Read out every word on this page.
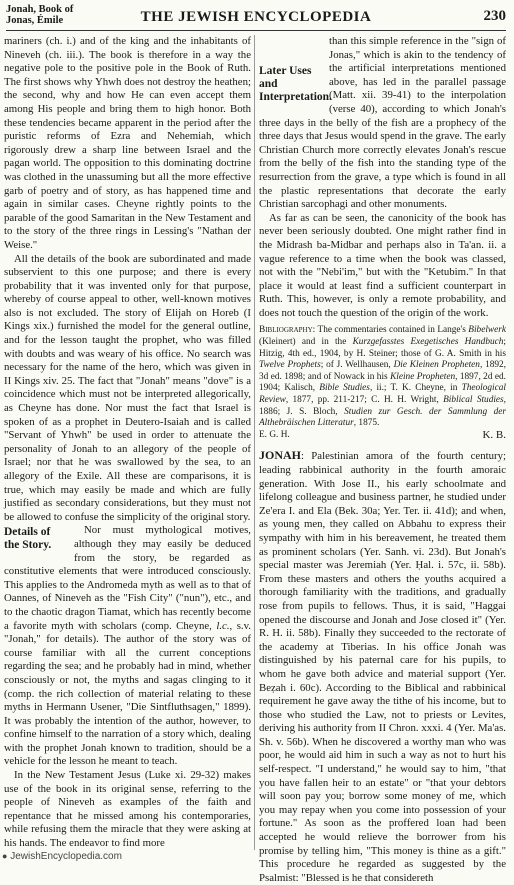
Jonah, Book of
Jonas, Émile	THE JEWISH ENCYCLOPEDIA	230

mariners (ch. i.) and of the king and the inhabitants of Nineveh (ch. iii.). The book is therefore in a way the negative pole to the positive pole in the Book of Ruth. The first shows why Yhwh does not destroy the heathen; the second, why and how He can even accept them among His people and bring them to high honor. Both these tendencies became apparent in the period after the puristic reforms of Ezra and Nehemiah, which rigorously drew a sharp line between Israel and the pagan world. The opposition to this dominating doctrine was clothed in the unassuming but all the more effective garb of poetry and of story, as has happened time and again in similar cases. Cheyne rightly points to the parable of the good Samaritan in the New Testament and to the story of the three rings in Lessing's "Nathan der Weise."

All the details of the book are subordinated and made subservient to this one purpose; and there is every probability that it was invented only for that purpose, whereby of course appeal to other, well-known motives also is not excluded. The story of Elijah on Horeb (I Kings xix.) furnished the model for the general outline, and for the lesson taught the prophet, who was filled with doubts and was weary of his office. No search was necessary for the name of the hero, which was given in II Kings xiv. 25. The fact that "Jonah" means "dove" is a coincidence which must not be interpreted allegorically, as Cheyne has done. Nor must the fact that Israel is spoken of as a prophet in Deutero-Isaiah and is called "Servant of Yhwh" be used in order to attenuate the personality of Jonah to an allegory of the people of Israel; nor that he was swallowed by the sea, to an allegory of the Exile. All these are comparisons, it is true, which may easily be made and which are fully justified as secondary considerations, but they must not be allowed to confuse the simplicity of the original story.

Details of the Story.

Nor must mythological motives, although they may easily be deduced from the story, be regarded as constitutive elements that were introduced consciously. This applies to the Andromeda myth as well as to that of Oannes, of Nineveh as the "Fish City" ("nun"), etc., and to the chaotic dragon Tiamat, which has recently become a favorite myth with scholars (comp. Cheyne, l.c., s.v. "Jonah," for details). The author of the story was of course familiar with all the current conceptions regarding the sea; and he probably had in mind, whether consciously or not, the myths and sagas clinging to it (comp. the rich collection of material relating to these myths in Hermann Usener, "Die Sintfluthsagen," 1899). It was probably the intention of the author, however, to confine himself to the narration of a story which, dealing with the prophet Jonah known to tradition, should be a vehicle for the lesson he meant to teach.

In the New Testament Jesus (Luke xi. 29-32) makes use of the book in its original sense, referring to the people of Nineveh as examples of the faith and repentance that he missed among his contemporaries, while refusing them the miracle that they were asking at his hands. The endeavor to find more

Later Uses and Interpretation.
than this simple reference in the "sign of Jonas," which is akin to the tendency of the artificial interpretations mentioned above, has led in the parallel passage (Matt. xii. 39-41) to the interpolation (verse 40), according to which Jonah's three days in the belly of the fish are a prophecy of the three days that Jesus would spend in the grave. The early Christian Church more correctly elevates Jonah's rescue from the belly of the fish into the standing type of the resurrection from the grave, a type which is found in all the plastic representations that decorate the early Christian sarcophagi and other monuments.

As far as can be seen, the canonicity of the book has never been seriously doubted. One might rather find in the Midrash ba-Midbar and perhaps also in Ta'an. ii. a vague reference to a time when the book was classed, not with the "Nebi'im," but with the "Ketubim." In that place it would at least find a sufficient counterpart in Ruth. This, however, is only a remote probability, and does not touch the question of the origin of the work.

Bibliography: The commentaries contained in Lange's Bibelwerk (Kleinert) and in the Kurzgefasstes Exegetisches Handbuch; Hitzig, 4th ed., 1904, by H. Steiner; those of G. A. Smith in his Twelve Prophets; of J. Wellhausen, Die Kleinen Propheten, 1892, 3d ed. 1898; and of Nowack in his Kleine Propheten, 1897, 2d ed. 1904; Kalisch, Bible Studies, ii.; T. K. Cheyne, in Theological Review, 1877, pp. 211-217; C. H. H. Wright, Biblical Studies, 1886; J. S. Bloch, Studien zur Gesch. der Sammlung der Althebräischen Litteratur, 1875.

E. G. H.	K. B.

JONAH: Palestinian amora of the fourth century; leading rabbinical authority in the fourth amoraic generation. With Jose II., his early schoolmate and lifelong colleague and business partner, he studied under Ze'era I. and Ela (Bek. 30a; Yer. Ter. ii. 41d); and when, as young men, they called on Abbahu to express their sympathy with him in his bereavement, he treated them as prominent scholars (Yer. Sanh. vi. 23d). But Jonah's special master was Jeremiah (Yer. Ḥal. i. 57c, ii. 58b). From these masters and others the youths acquired a thorough familiarity with the traditions, and gradually rose from pupils to fellows. Thus, it is said, "Haggai opened the discourse and Jonah and Jose closed it" (Yer. R. H. ii. 58b). Finally they succeeded to the rectorate of the academy at Tiberias. In his office Jonah was distinguished by his paternal care for his pupils, to whom he gave both advice and material support (Yer. Beẓah i. 60c). According to the Biblical and rabbinical requirement he gave away the tithe of his income, but to those who studied the Law, not to priests or Levites, deriving his authority from II Chron. xxxi. 4 (Yer. Ma'as. Sh. v. 56b). When he discovered a worthy man who was poor, he would aid him in such a way as not to hurt his self-respect. "I understand," he would say to him, "that you have fallen heir to an estate" or "that your debtors will soon pay you; borrow some money of me, which you may repay when you come into possession of your fortune." As soon as the proffered loan had been accepted he would relieve the borrower from his promise by telling him, "This money is thine as a gift." This procedure he regarded as suggested by the Psalmist: "Blessed is he that considereth

● JewishEncyclopedia.com
